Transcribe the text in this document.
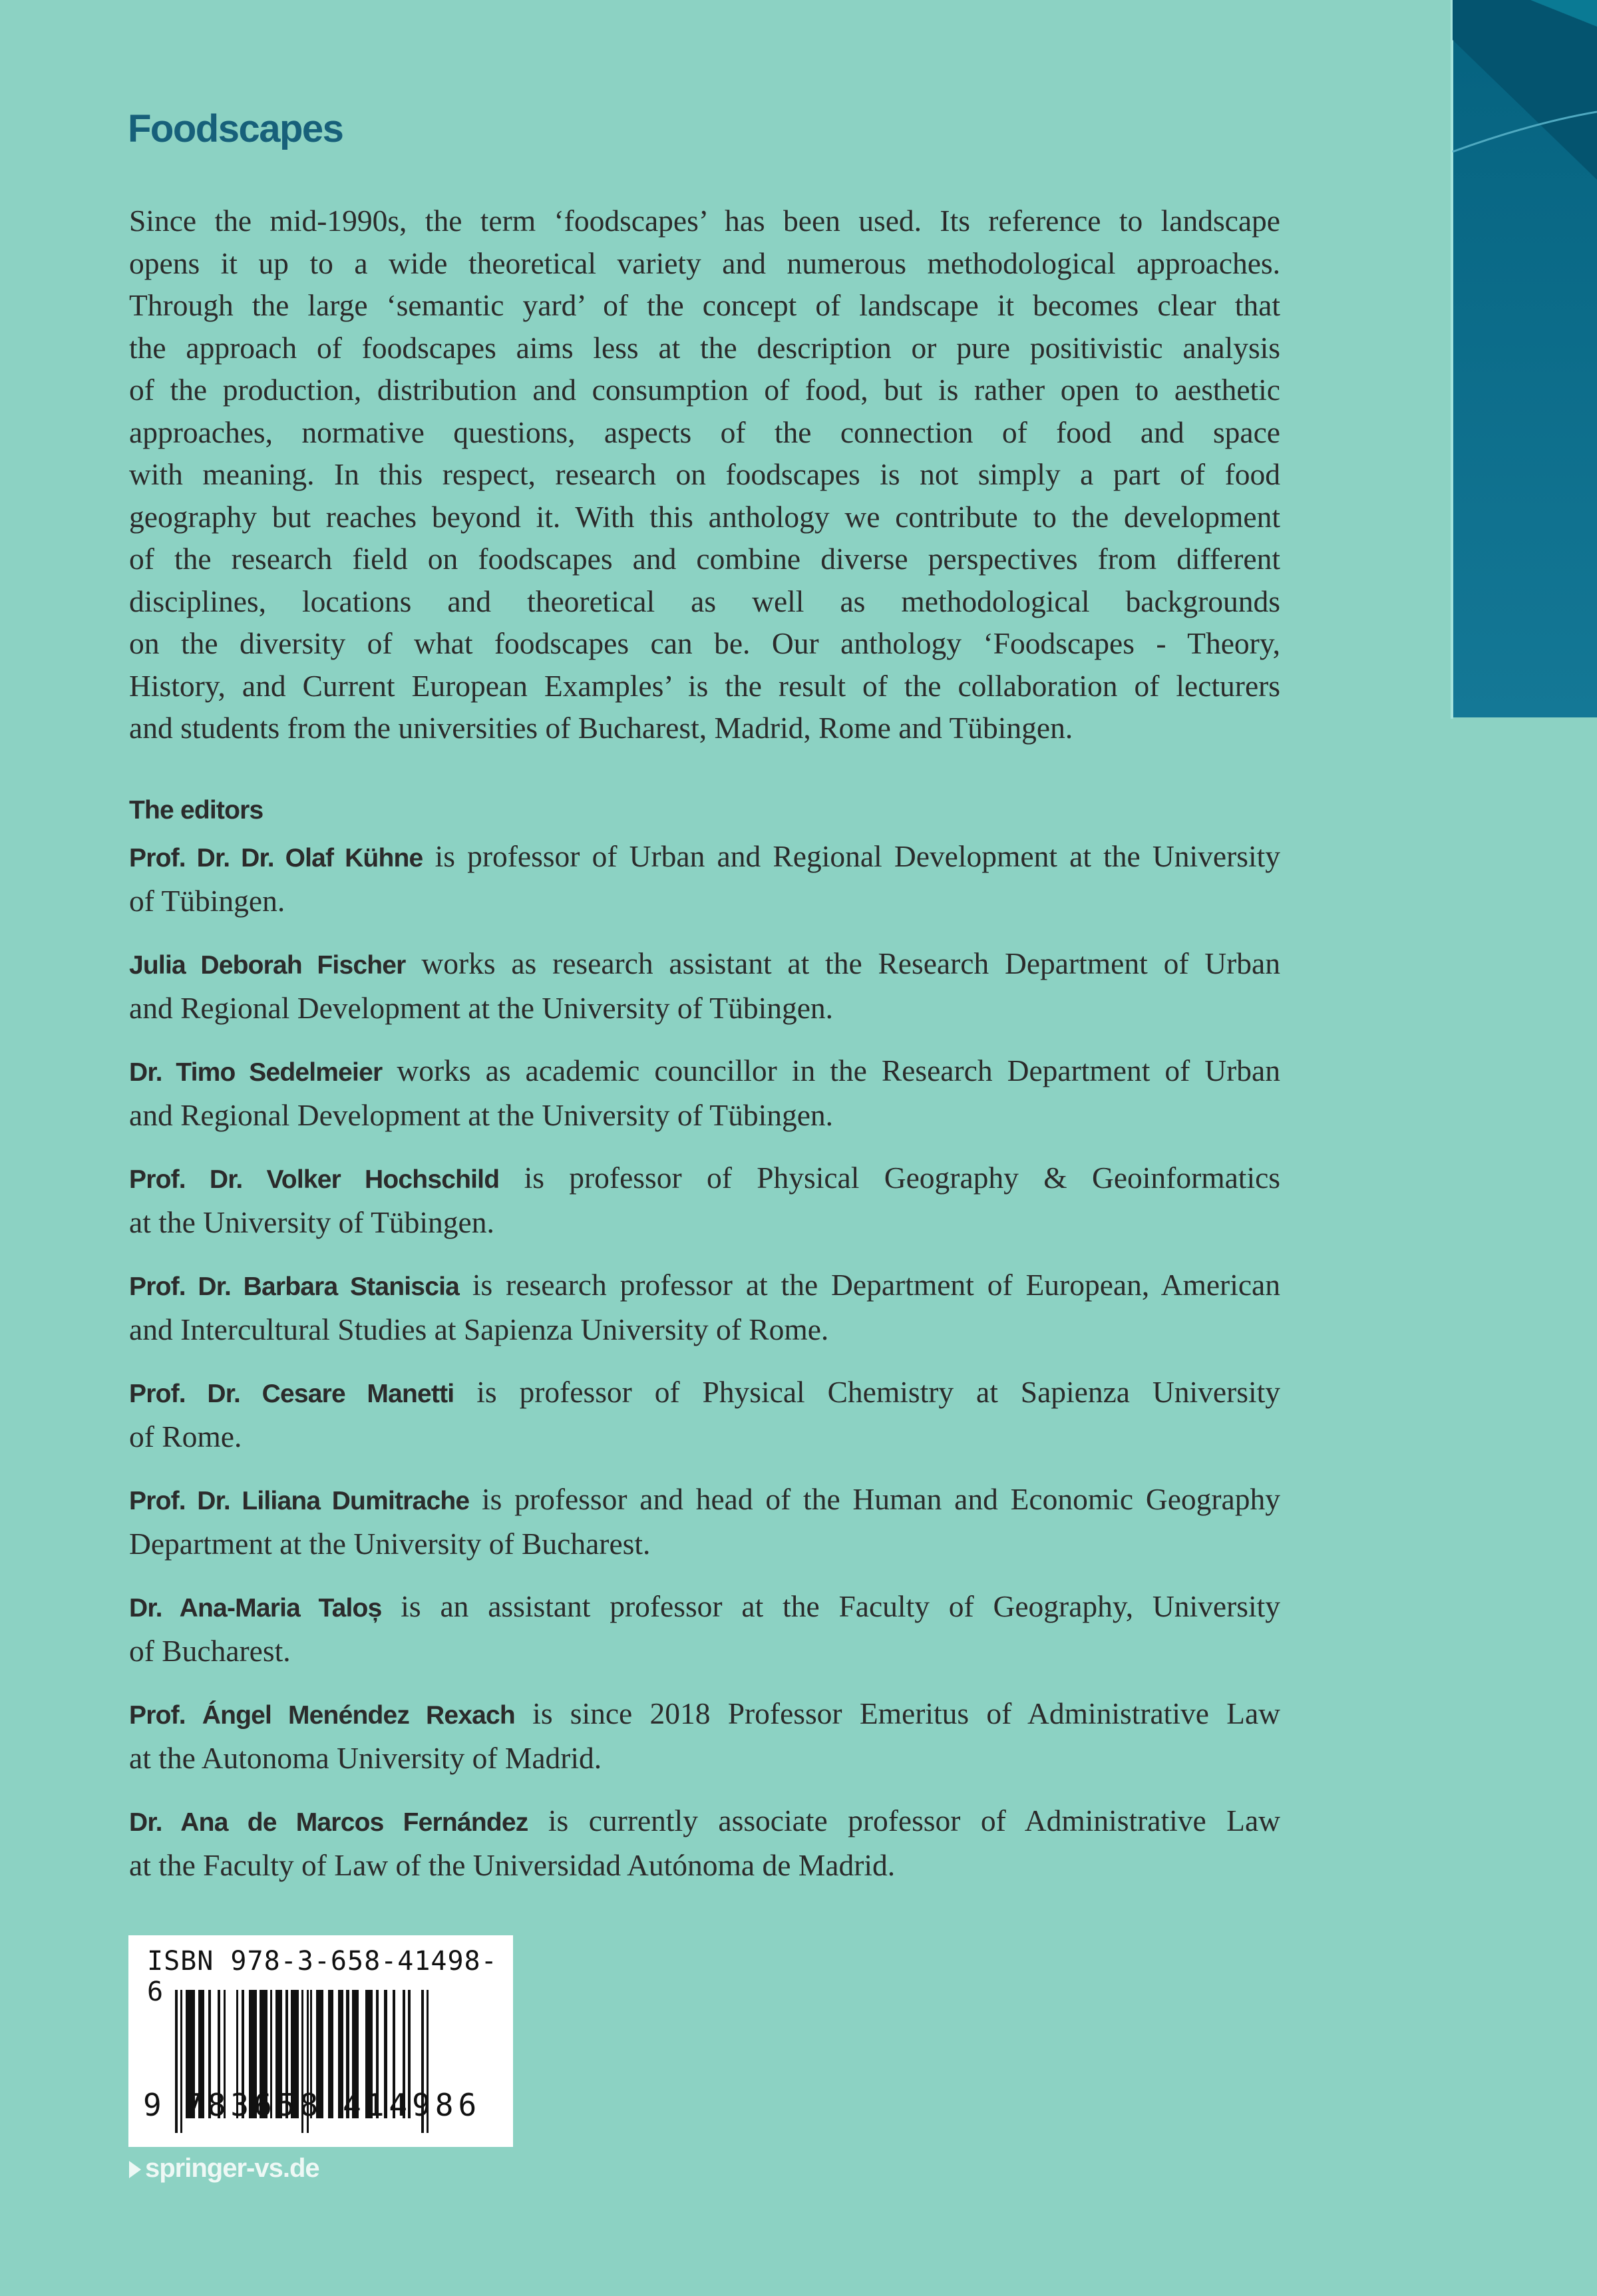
Foodscapes
Since the mid-1990s, the term ‘foodscapes’ has been used. Its reference to landscape
opens it up to a wide theoretical variety and numerous methodological approaches.
Through the large ‘semantic yard’ of the concept of landscape it becomes clear that
the approach of foodscapes aims less at the description or pure positivistic analysis
of the production, distribution and consumption of food, but is rather open to aesthetic
approaches, normative questions, aspects of the connection of food and space
with meaning. In this respect, research on foodscapes is not simply a part of food
geography but reaches beyond it. With this anthology we contribute to the development
of the research field on foodscapes and combine diverse perspectives from different
disciplines, locations and theoretical as well as methodological backgrounds
on the diversity of what foodscapes can be. Our anthology ‘Foodscapes - Theory,
History, and Current European Examples’ is the result of the collaboration of lecturers
and students from the universities of Bucharest, Madrid, Rome and Tübingen.
The editors
Prof. Dr. Dr. Olaf Kühne is professor of Urban and Regional Development at the University
of Tübingen.
Julia Deborah Fischer works as research assistant at the Research Department of Urban
and Regional Development at the University of Tübingen.
Dr. Timo Sedelmeier works as academic councillor in the Research Department of Urban
and Regional Development at the University of Tübingen.
Prof. Dr. Volker Hochschild is professor of Physical Geography & Geoinformatics
at the University of Tübingen.
Prof. Dr. Barbara Staniscia is research professor at the Department of European, American
and Intercultural Studies at Sapienza University of Rome.
Prof. Dr. Cesare Manetti is professor of Physical Chemistry at Sapienza University
of Rome.
Prof. Dr. Liliana Dumitrache is professor and head of the Human and Economic Geography
Department at the University of Bucharest.
Dr. Ana-Maria Taloș is an assistant professor at the Faculty of Geography, University
of Bucharest.
Prof. Ángel Menéndez Rexach is since 2018 Professor Emeritus of Administrative Law
at the Autonoma University of Madrid.
Dr. Ana de Marcos Fernández is currently associate professor of Administrative Law
at the Faculty of Law of the Universidad Autónoma de Madrid.
ISBN 978-3-658-41498-6
9 783658 414986
springer-vs.de
